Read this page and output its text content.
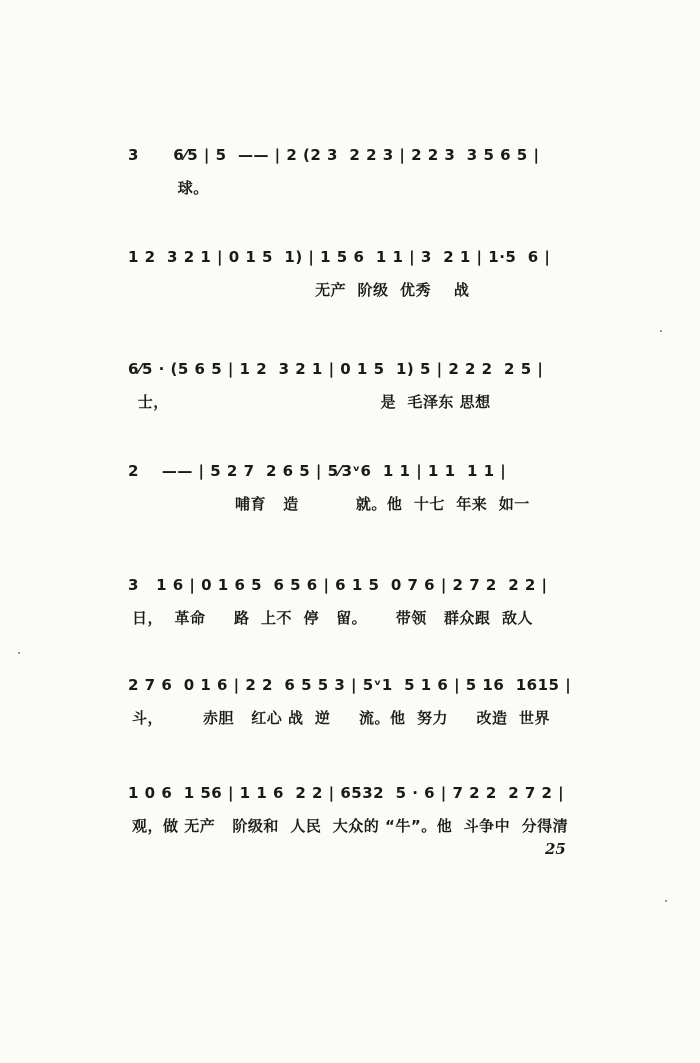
3      6⁄5 | 5  —— | 2 (2 3  2 2 3 | 2 2 3  3 5 6 5 |
球。
1 2  3 2 1 | 0 1 5  1) | 1 5 6  1 1 | 3  2 1 | 1·5  6 |
无产  阶级  优秀    战
6⁄5 · (5 6 5 | 1 2  3 2 1 | 0 1 5  1) 5 | 2 2 2  2 5 |
士，                                     是  毛泽东 思想
2    —— | 5 2 7  2 6 5 | 5⁄3ᵛ6  1 1 | 1 1  1 1 |
哺育   造          就。他  十七  年来  如一
3   1 6 | 0 1 6 5  6 5 6 | 6 1 5  0 7 6 | 2 7 2  2 2 |
日，  革命     路  上不  停   留。     带领   群众跟  敌人
2 7 6  0 1 6 | 2 2  6 5 5 3 | 5ᵛ1  5 1 6 | 5 16  1615 |
斗，       赤胆   红心 战  逆     流。他  努力     改造  世界
1 0 6  1 56 | 1 1 6  2 2 | 6532  5 · 6 | 7 2 2  2 7 2 |
观，做 无产   阶级和  人民  大众的 “牛”。他  斗争中  分得清
25
